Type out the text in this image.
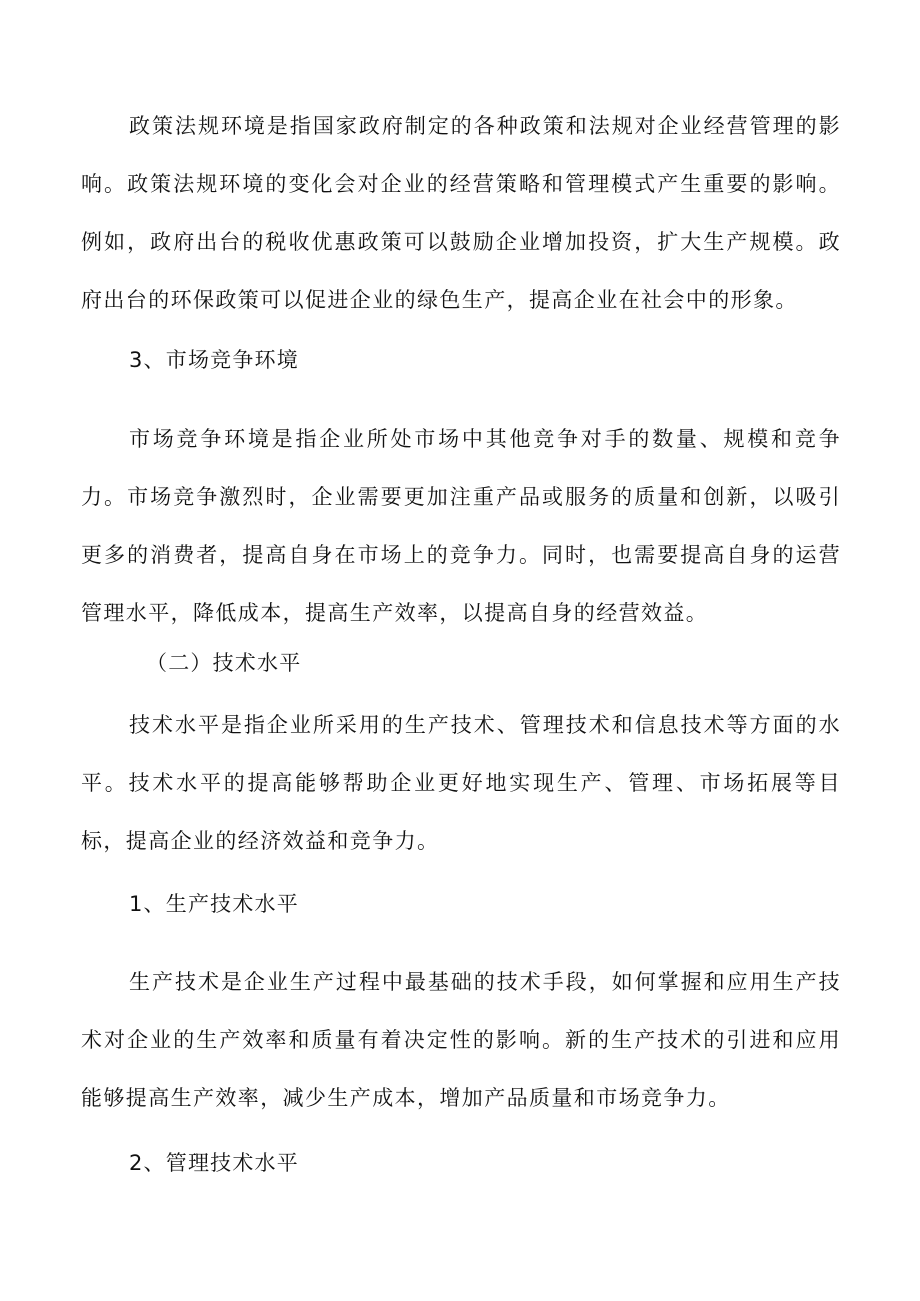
政策法规环境是指国家政府制定的各种政策和法规对企业经营管理的影响。政策法规环境的变化会对企业的经营策略和管理模式产生重要的影响。例如，政府出台的税收优惠政策可以鼓励企业增加投资，扩大生产规模。政府出台的环保政策可以促进企业的绿色生产，提高企业在社会中的形象。

3、市场竞争环境

市场竞争环境是指企业所处市场中其他竞争对手的数量、规模和竞争力。市场竞争激烈时，企业需要更加注重产品或服务的质量和创新，以吸引更多的消费者，提高自身在市场上的竞争力。同时，也需要提高自身的运营管理水平，降低成本，提高生产效率，以提高自身的经营效益。

（二）技术水平

技术水平是指企业所采用的生产技术、管理技术和信息技术等方面的水平。技术水平的提高能够帮助企业更好地实现生产、管理、市场拓展等目标，提高企业的经济效益和竞争力。

1、生产技术水平

生产技术是企业生产过程中最基础的技术手段，如何掌握和应用生产技术对企业的生产效率和质量有着决定性的影响。新的生产技术的引进和应用能够提高生产效率，减少生产成本，增加产品质量和市场竞争力。

2、管理技术水平
